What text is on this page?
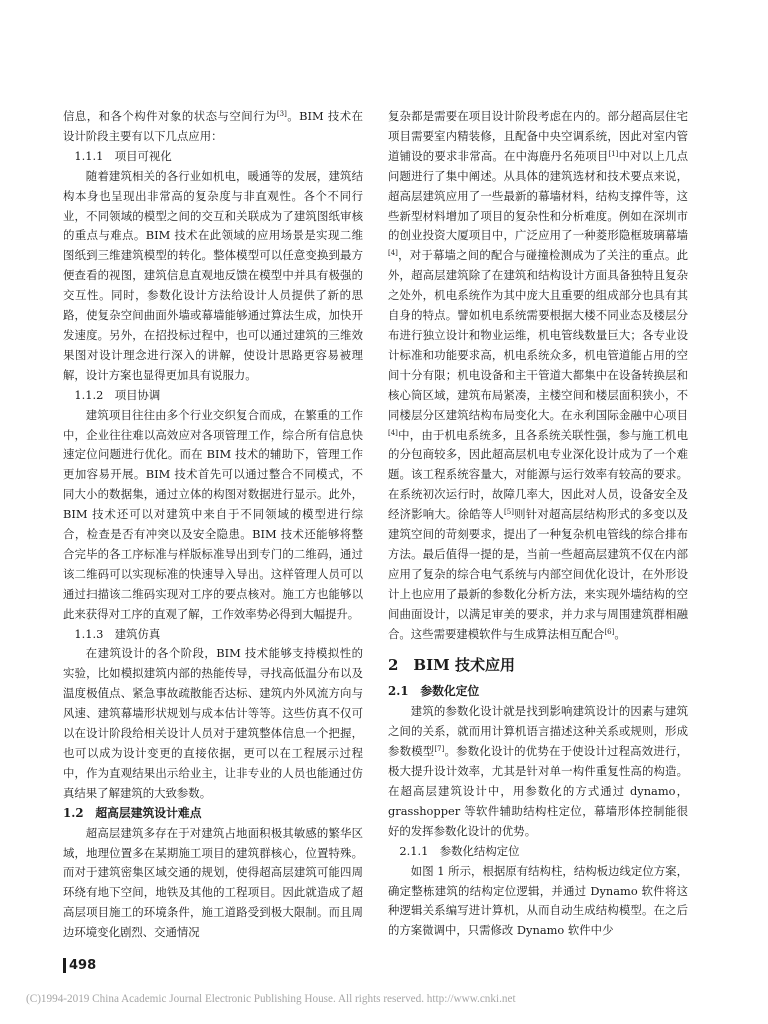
信息，和各个构件对象的状态与空间行为[3]。BIM 技术在设计阶段主要有以下几点应用：

1.1.1　项目可视化

随着建筑相关的各行业如机电，暖通等的发展，建筑结构本身也呈现出非常高的复杂度与非直观性。各个不同行业，不同领域的模型之间的交互和关联成为了建筑图纸审核的重点与难点。BIM 技术在此领域的应用场景是实现二维图纸到三维建筑模型的转化。整体模型可以任意变换到最方便查看的视图，建筑信息直观地反馈在模型中并具有极强的交互性。同时，参数化设计方法给设计人员提供了新的思路，使复杂空间曲面外墙或幕墙能够通过算法生成，加快开发速度。另外，在招投标过程中，也可以通过建筑的三维效果图对设计理念进行深入的讲解，使设计思路更容易被理解，设计方案也显得更加具有说服力。

1.1.2　项目协调

建筑项目往往由多个行业交织复合而成，在繁重的工作中，企业往往难以高效应对各项管理工作，综合所有信息快速定位问题进行优化。而在 BIM 技术的辅助下，管理工作更加容易开展。BIM 技术首先可以通过整合不同模式，不同大小的数据集，通过立体的构图对数据进行显示。此外，BIM 技术还可以对建筑中来自于不同领域的模型进行综合，检查是否有冲突以及安全隐患。BIM 技术还能够将整合完毕的各工序标准与样版标准导出到专门的二维码，通过该二维码可以实现标准的快速导入导出。这样管理人员可以通过扫描该二维码实现对工序的要点核对。施工方也能够以此来获得对工序的直观了解，工作效率势必得到大幅提升。

1.1.3　建筑仿真

在建筑设计的各个阶段，BIM 技术能够支持模拟性的实验，比如模拟建筑内部的热能传导，寻找高低温分布以及温度极值点、紧急事故疏散能否达标、建筑内外风流方向与风速、建筑幕墙形状规划与成本估计等等。这些仿真不仅可以在设计阶段给相关设计人员对于建筑整体信息一个把握，也可以成为设计变更的直接依据，更可以在工程展示过程中，作为直观结果出示给业主，让非专业的人员也能通过仿真结果了解建筑的大致参数。

1.2　超高层建筑设计难点

超高层建筑多存在于对建筑占地面积极其敏感的繁华区域，地理位置多在某期施工项目的建筑群核心，位置特殊。而对于建筑密集区域交通的规划，使得超高层建筑可能四周环绕有地下空间，地铁及其他的工程项目。因此就造成了超高层项目施工的环境条件，施工道路受到极大限制。而且周边环境变化剧烈、交通情况

复杂都是需要在项目设计阶段考虑在内的。部分超高层住宅项目需要室内精装修，且配备中央空调系统，因此对室内管道铺设的要求非常高。在中海鹿丹名苑项目[1]中对以上几点问题进行了集中阐述。从具体的建筑选材和技术要点来说，超高层建筑应用了一些最新的幕墙材料，结构支撑件等，这些新型材料增加了项目的复杂性和分析难度。例如在深圳市的创业投资大厦项目中，广泛应用了一种菱形隐框玻璃幕墙[4]，对于幕墙之间的配合与碰撞检测成为了关注的重点。此外，超高层建筑除了在建筑和结构设计方面具备独特且复杂之处外，机电系统作为其中庞大且重要的组成部分也具有其自身的特点。譬如机电系统需要根据大楼不同业态及楼层分布进行独立设计和物业运维，机电管线数量巨大；各专业设计标准和功能要求高，机电系统众多，机电管道能占用的空间十分有限；机电设备和主干管道大都集中在设备转换层和核心筒区域，建筑布局紧凑，主楼空间和楼层面积狭小，不同楼层分区建筑结构布局变化大。在永利国际金融中心项目[4]中，由于机电系统多，且各系统关联性强，参与施工机电的分包商较多，因此超高层机电专业深化设计成为了一个难题。该工程系统容量大，对能源与运行效率有较高的要求。在系统初次运行时，故障几率大，因此对人员，设备安全及经济影响大。徐皓等人[5]则针对超高层结构形式的多变以及建筑空间的苛刻要求，提出了一种复杂机电管线的综合排布方法。最后值得一提的是，当前一些超高层建筑不仅在内部应用了复杂的综合电气系统与内部空间优化设计，在外形设计上也应用了最新的参数化分析方法，来实现外墙结构的空间曲面设计，以满足审美的要求，并力求与周围建筑群相融合。这些需要建模软件与生成算法相互配合[6]。

2　BIM 技术应用

2.1　参数化定位

建筑的参数化设计就是找到影响建筑设计的因素与建筑之间的关系，就而用计算机语言描述这种关系或规则，形成参数模型[7]。参数化设计的优势在于使设计过程高效进行，极大提升设计效率，尤其是针对单一构件重复性高的构造。在超高层建筑设计中，用参数化的方式通过 dynamo，grasshopper 等软件辅助结构柱定位，幕墙形体控制能很好的发挥参数化设计的优势。

2.1.1　参数化结构定位

如图 1 所示，根据原有结构柱，结构板边线定位方案，确定整栋建筑的结构定位逻辑，并通过 Dynamo 软件将这种逻辑关系编写进计算机，从而自动生成结构模型。在之后的方案微调中，只需修改 Dynamo 软件中少

498
(C)1994-2019 China Academic Journal Electronic Publishing House. All rights reserved. http://www.cnki.net
